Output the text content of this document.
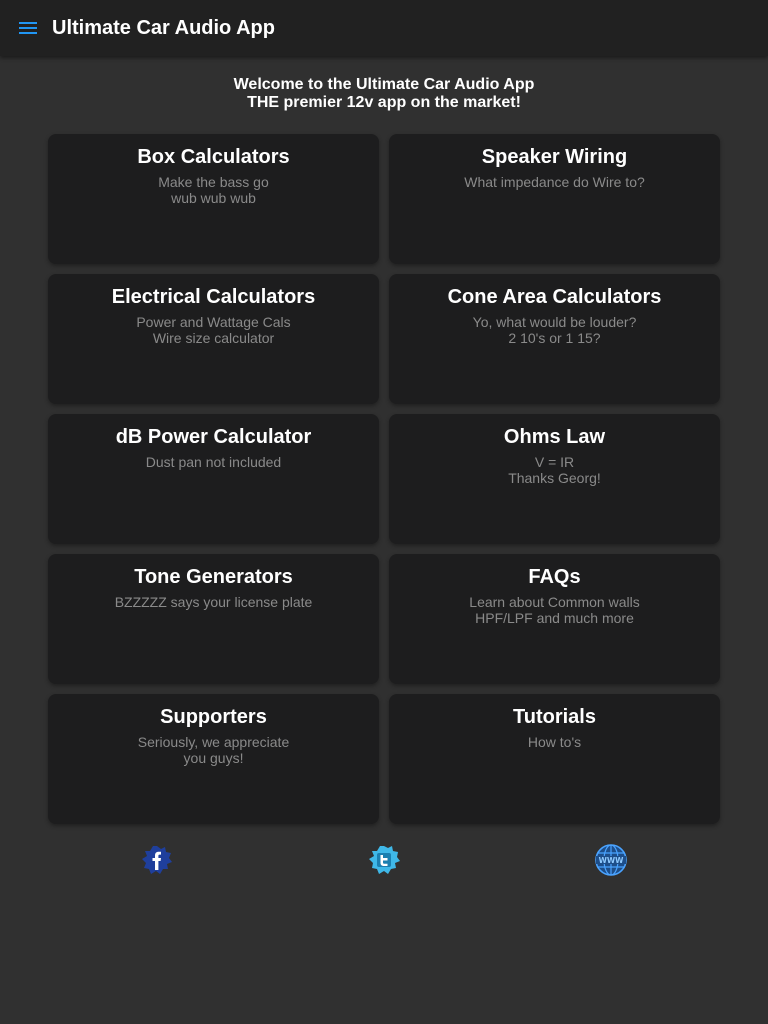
Ultimate Car Audio App
Welcome to the Ultimate Car Audio App
THE premier 12v app on the market!
Box Calculators
Make the bass go
wub wub wub
Speaker Wiring
What impedance do Wire to?
Electrical Calculators
Power and Wattage Cals
Wire size calculator
Cone Area Calculators
Yo, what would be louder?
2 10's or 1 15?
dB Power Calculator
Dust pan not included
Ohms Law
V = IR
Thanks Georg!
Tone Generators
BZZZZZ says your license plate
FAQs
Learn about Common walls
HPF/LPF and much more
Supporters
Seriously, we appreciate
you guys!
Tutorials
How to's
WWW
